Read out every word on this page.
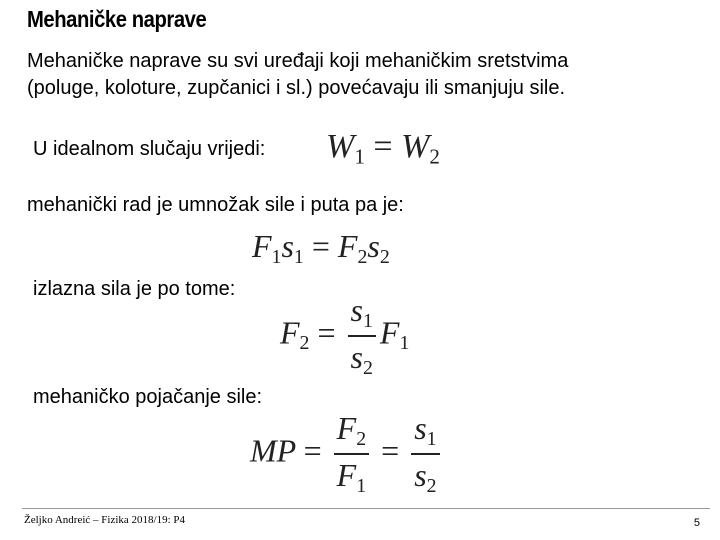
Mehaničke naprave
Mehaničke naprave su svi uređaji koji mehaničkim sretstvima
(poluge, koloture, zupčanici i sl.) povećavaju ili smanjuju sile.
U idealnom slučaju vrijedi: $W_1 = W_2$
mehanički rad je umnožak sile i puta pa je:
$F_1s_1 = F_2s_2$
izlazna sila je po tome:
$F_2 = \frac{s_1}{s_2} F_1$
mehaničko pojačanje sile:
MP = $\frac{F_2}{F_1} = \frac{s_1}{s_2}$
Željko Andreić – Fizika 2018/19: P4	5
